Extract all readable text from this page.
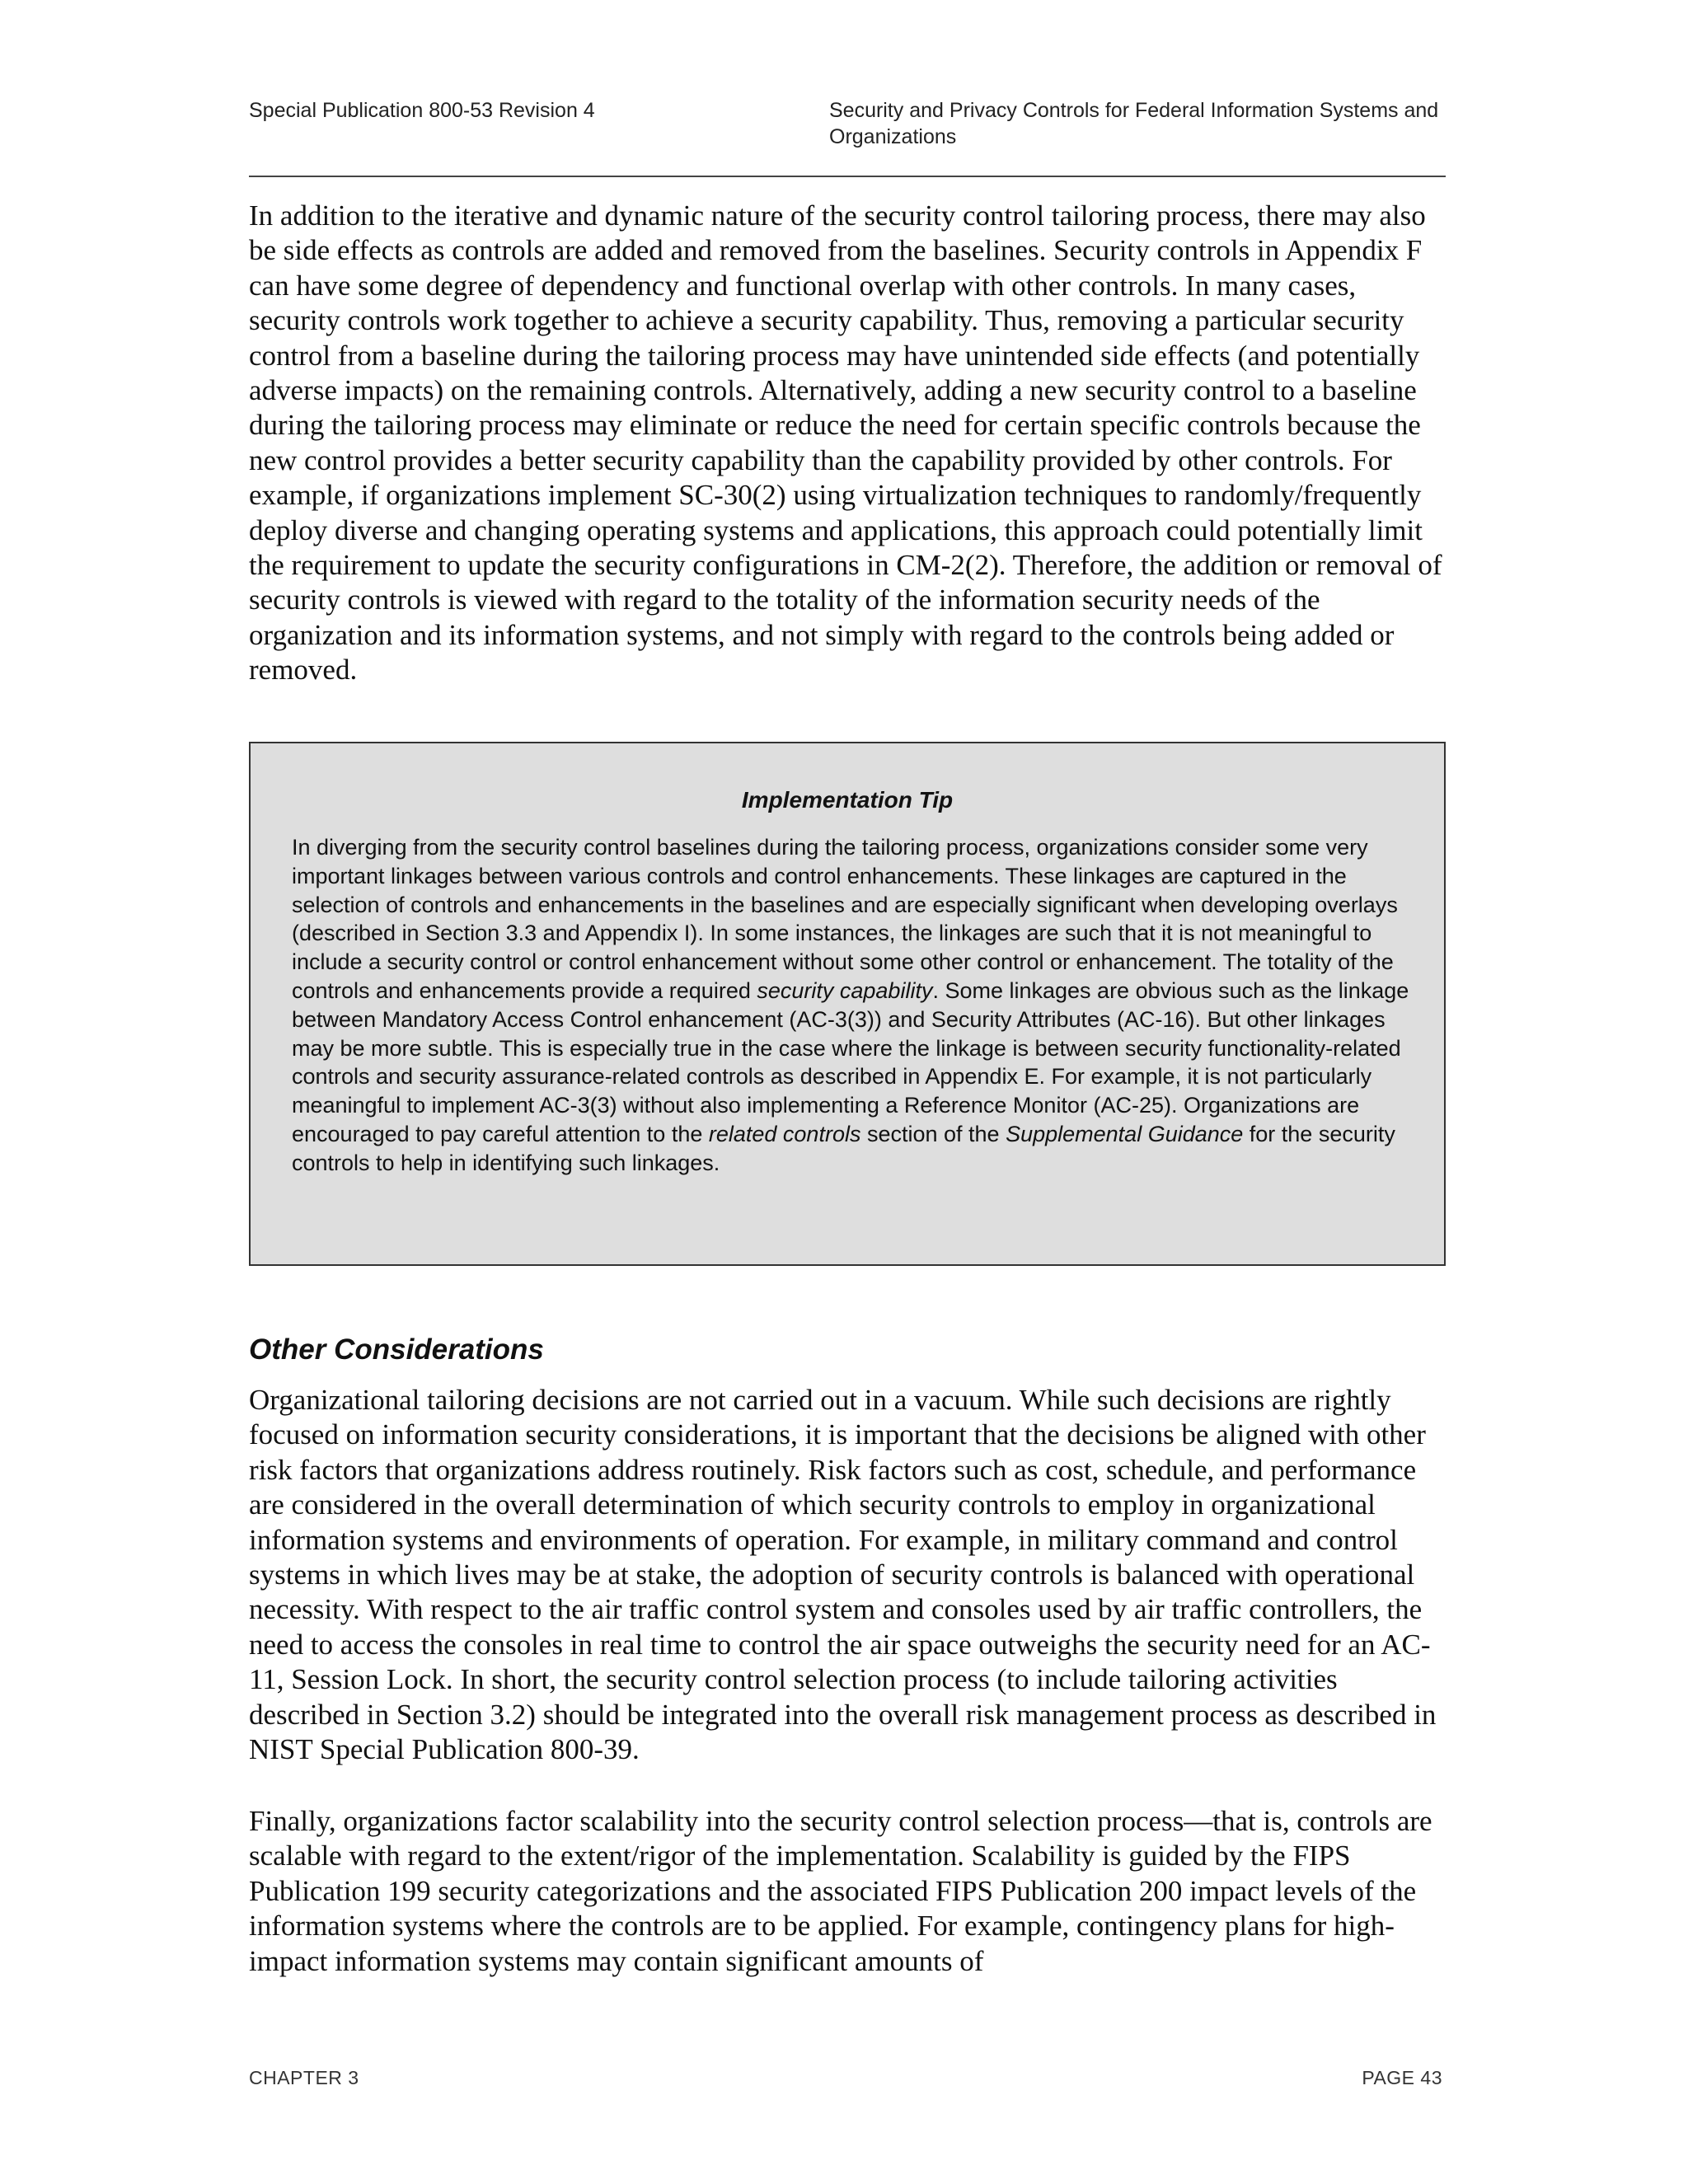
Special Publication 800-53 Revision 4	Security and Privacy Controls for Federal Information Systems and Organizations

In addition to the iterative and dynamic nature of the security control tailoring process, there may also be side effects as controls are added and removed from the baselines. Security controls in Appendix F can have some degree of dependency and functional overlap with other controls. In many cases, security controls work together to achieve a security capability. Thus, removing a particular security control from a baseline during the tailoring process may have unintended side effects (and potentially adverse impacts) on the remaining controls. Alternatively, adding a new security control to a baseline during the tailoring process may eliminate or reduce the need for certain specific controls because the new control provides a better security capability than the capability provided by other controls. For example, if organizations implement SC-30(2) using virtualization techniques to randomly/frequently deploy diverse and changing operating systems and applications, this approach could potentially limit the requirement to update the security configurations in CM-2(2). Therefore, the addition or removal of security controls is viewed with regard to the totality of the information security needs of the organization and its information systems, and not simply with regard to the controls being added or removed.

Implementation Tip
In diverging from the security control baselines during the tailoring process, organizations consider some very important linkages between various controls and control enhancements. These linkages are captured in the selection of controls and enhancements in the baselines and are especially significant when developing overlays (described in Section 3.3 and Appendix I). In some instances, the linkages are such that it is not meaningful to include a security control or control enhancement without some other control or enhancement. The totality of the controls and enhancements provide a required security capability. Some linkages are obvious such as the linkage between Mandatory Access Control enhancement (AC-3(3)) and Security Attributes (AC-16). But other linkages may be more subtle. This is especially true in the case where the linkage is between security functionality-related controls and security assurance-related controls as described in Appendix E. For example, it is not particularly meaningful to implement AC-3(3) without also implementing a Reference Monitor (AC-25). Organizations are encouraged to pay careful attention to the related controls section of the Supplemental Guidance for the security controls to help in identifying such linkages.
Other Considerations

Organizational tailoring decisions are not carried out in a vacuum. While such decisions are rightly focused on information security considerations, it is important that the decisions be aligned with other risk factors that organizations address routinely. Risk factors such as cost, schedule, and performance are considered in the overall determination of which security controls to employ in organizational information systems and environments of operation. For example, in military command and control systems in which lives may be at stake, the adoption of security controls is balanced with operational necessity. With respect to the air traffic control system and consoles used by air traffic controllers, the need to access the consoles in real time to control the air space outweighs the security need for an AC-11, Session Lock. In short, the security control selection process (to include tailoring activities described in Section 3.2) should be integrated into the overall risk management process as described in NIST Special Publication 800-39.

Finally, organizations factor scalability into the security control selection process—that is, controls are scalable with regard to the extent/rigor of the implementation. Scalability is guided by the FIPS Publication 199 security categorizations and the associated FIPS Publication 200 impact levels of the information systems where the controls are to be applied. For example, contingency plans for high-impact information systems may contain significant amounts of

CHAPTER 3	PAGE 43
